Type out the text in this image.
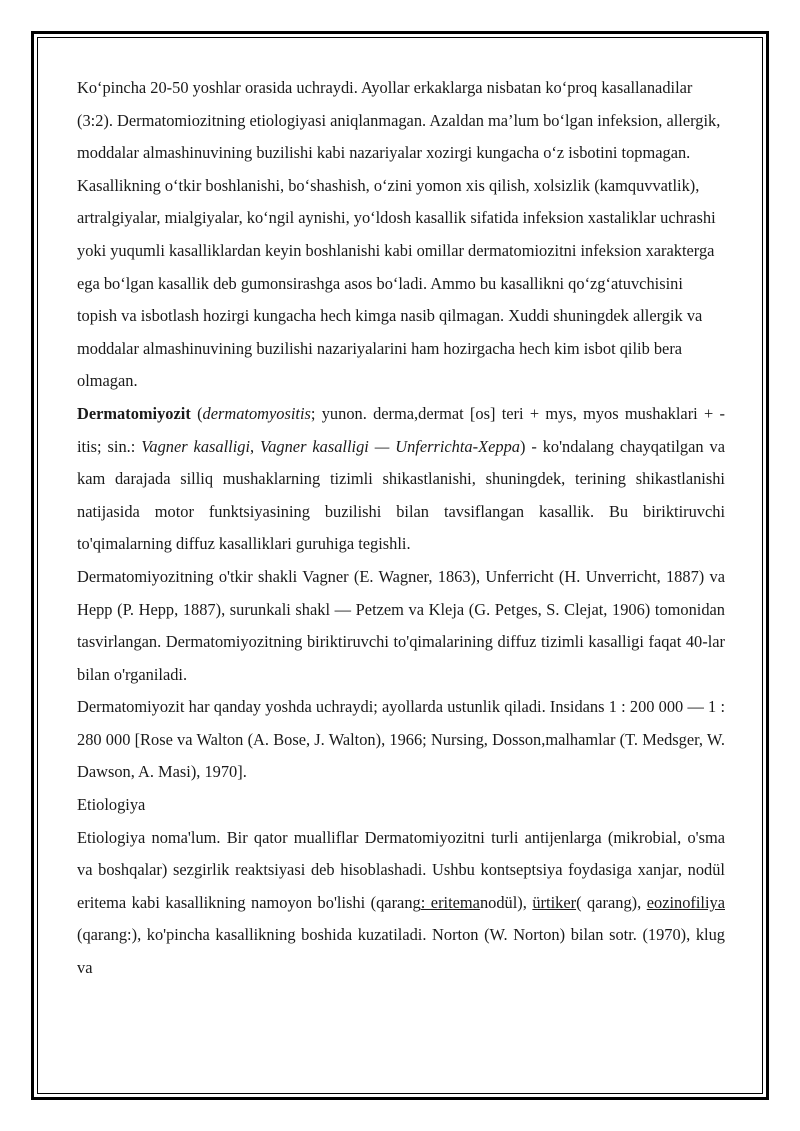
Ko‘pincha 20-50 yoshlar orasida uchraydi. Ayollar erkaklarga nisbatan ko‘proq kasallanadilar (3:2). Dermatomiozitning etiologiyasi aniqlanmagan. Azaldan ma’lum bo‘lgan infeksion, allergik, moddalar almashinuvining buzilishi kabi nazariyalar xozirgi kungacha o‘z isbotini topmagan. Kasallikning o‘tkir boshlanishi, bo‘shashish, o‘zini yomon xis qilish, xolsizlik (kamquvvatlik), artralgiyalar, mialgiyalar, ko‘ngil aynishi, yo‘ldosh kasallik sifatida infeksion xastaliklar uchrashi yoki yuqumli kasalliklardan keyin boshlanishi kabi omillar dermatomiozitni infeksion xarakterga ega bo‘lgan kasallik deb gumonsirashga asos bo‘ladi. Ammo bu kasallikni qo‘zg‘atuvchisini topish va isbotlash hozirgi kungacha hech kimga nasib qilmagan. Xuddi shuningdek allergik va moddalar almashinuvining buzilishi nazariyalarini ham hozirgacha hech kim isbot qilib bera olmagan.

Dermatomiyozit (dermatomyositis; yunon. derma,dermat [os] teri + mys, myos mushaklari + - itis; sin.: Vagner kasalligi, Vagner kasalligi — Unferrichta-Xeppa) - ko'ndalang chayqatilgan va kam darajada silliq mushaklarning tizimli shikastlanishi, shuningdek, terining shikastlanishi natijasida motor funktsiyasining buzilishi bilan tavsiflangan kasallik. Bu biriktiruvchi to'qimalarning diffuz kasalliklari guruhiga tegishli.

Dermatomiyozitning o'tkir shakli Vagner (E. Wagner, 1863), Unferricht (H. Unverricht, 1887) va Hepp (P. Hepp, 1887), surunkali shakl — Petzem va Kleja (G. Petges, S. Clejat, 1906) tomonidan tasvirlangan. Dermatomiyozitning biriktiruvchi to'qimalarining diffuz tizimli kasalligi faqat 40-lar bilan o'rganiladi.

Dermatomiyozit har qanday yoshda uchraydi; ayollarda ustunlik qiladi. Insidans 1 : 200 000 — 1 : 280 000 [Rose va Walton (A. Bose, J. Walton), 1966; Nursing, Dosson,malhamlar (T. Medsger, W. Dawson, A. Masi), 1970].

Etiologiya

Etiologiya noma'lum. Bir qator mualliflar Dermatomiyozitni turli antijenlarga (mikrobial, o'sma va boshqalar) sezgirlik reaktsiyasi deb hisoblashadi. Ushbu kontseptsiya foydasiga xanjar, nodül eritema kabi kasallikning namoyon bo'lishi (qarang: eritemanodül), ürtiker( qarang), eozinofiliya (qarang:), ko'pincha kasallikning boshida kuzatiladi. Norton (W. Norton) bilan sotr. (1970), klug va
